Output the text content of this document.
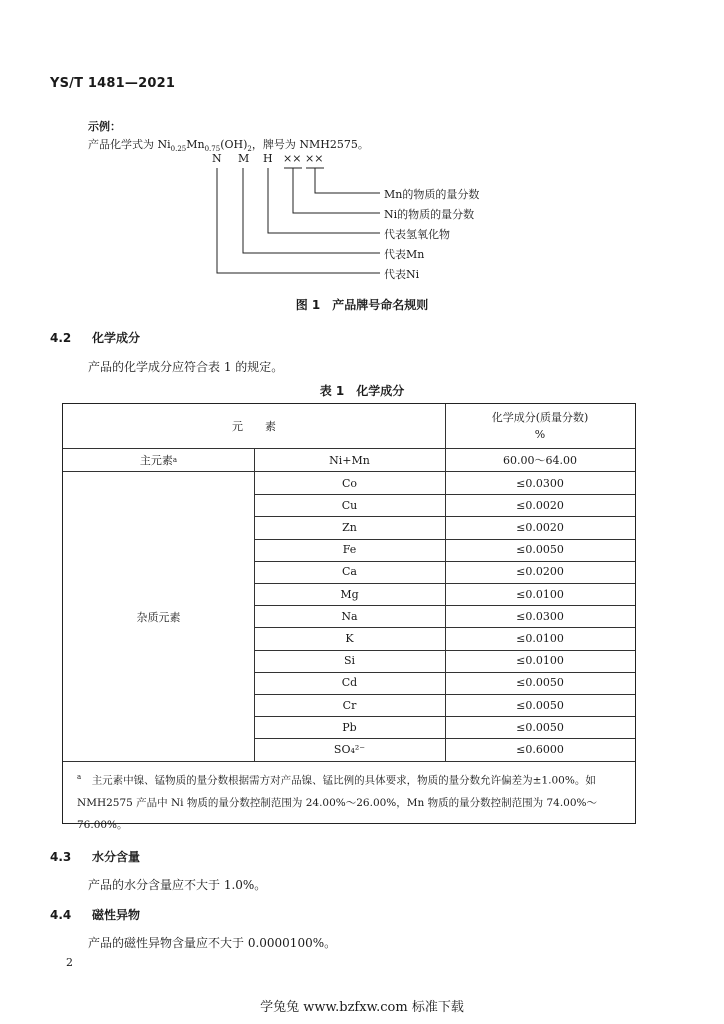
YS/T 1481—2021
示例：
产品化学式为 $Ni_{0.25}Mn_{0.75}(OH)_2$，牌号为 NMH2575。
N M H ×× ××
Mn的物质的量分数
Ni的物质的量分数
代表氢氧化物
代表Mn
代表Ni
图 1　产品牌号命名规则
4.2 化学成分
产品的化学成分应符合表 1 的规定。
表 1　化学成分
元　　素
化学成分(质量分数)
%
主元素 a	Ni+Mn	60.00～64.00
杂质元素
Co	≤0.0300
Cu	≤0.0020
Zn	≤0.0020
Fe	≤0.0050
Ca	≤0.0200
Mg	≤0.0100
Na	≤0.0300
K	≤0.0100
Si	≤0.0100
Cd	≤0.0050
Cr	≤0.0050
Pb	≤0.0050
SO₄²⁻	≤0.6000
$^a$　 主元素中镍、锰物质的量分数根据需方对产品镍、锰比例的具体要求，物质的量分数允许偏差为±1.00%。如NMH2575 产品中 Ni 物质的量分数控制范围为 24.00%～26.00%，Mn 物质的量分数控制范围为 74.00%～76.00%。
4.3 水分含量
产品的水分含量应不大于 1.0%。
4.4 磁性异物
产品的磁性异物含量应不大于 0.0000100%。
2
学兔兔 www.bzfxw.com 标准下载
